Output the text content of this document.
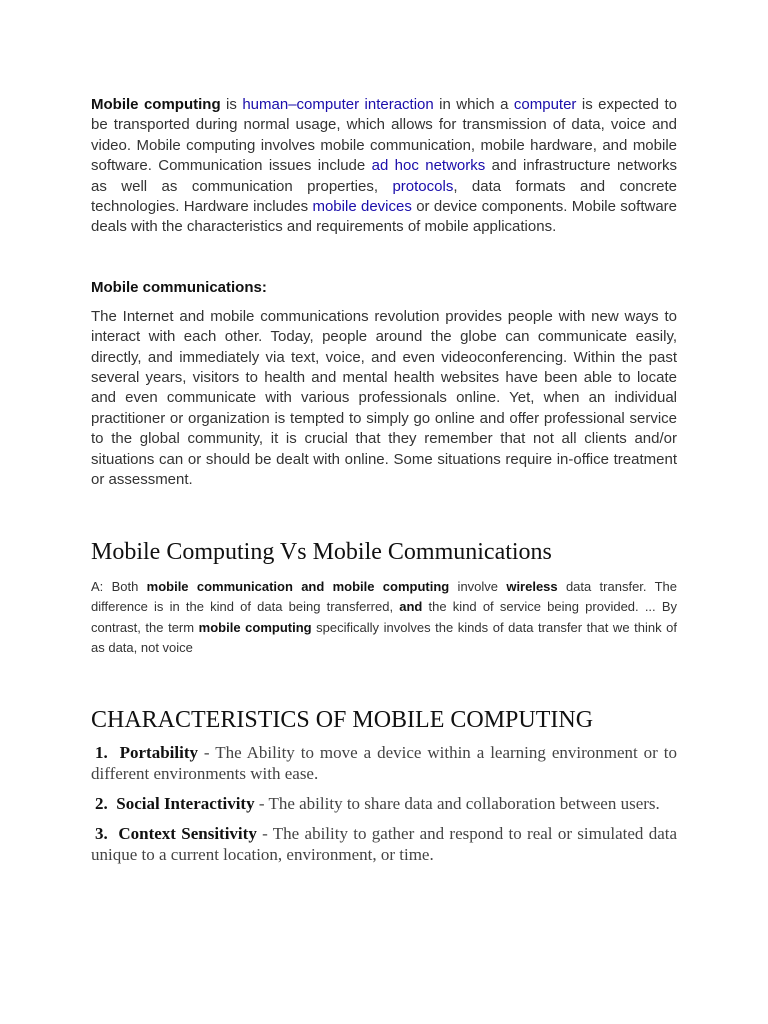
Mobile computing is human–computer interaction in which a computer is expected to be transported during normal usage, which allows for transmission of data, voice and video. Mobile computing involves mobile communication, mobile hardware, and mobile software. Communication issues include ad hoc networks and infrastructure networks as well as communication properties, protocols, data formats and concrete technologies. Hardware includes mobile devices or device components. Mobile software deals with the characteristics and requirements of mobile applications.

Mobile communications:

The Internet and mobile communications revolution provides people with new ways to interact with each other. Today, people around the globe can communicate easily, directly, and immediately via text, voice, and even videoconferencing. Within the past several years, visitors to health and mental health websites have been able to locate and even communicate with various professionals online. Yet, when an individual practitioner or organization is tempted to simply go online and offer professional service to the global community, it is crucial that they remember that not all clients and/or situations can or should be dealt with online. Some situations require in-office treatment or assessment.

Mobile Computing Vs Mobile Communications

A: Both mobile communication and mobile computing involve wireless data transfer. The difference is in the kind of data being transferred, and the kind of service being provided. ... By contrast, the term mobile computing specifically involves the kinds of data transfer that we think of as data, not voice

CHARACTERISTICS OF MOBILE COMPUTING

1. Portability - The Ability to move a device within a learning environment or to different environments with ease.

2. Social Interactivity - The ability to share data and collaboration between users.

3. Context Sensitivity - The ability to gather and respond to real or simulated data unique to a current location, environment, or time.
